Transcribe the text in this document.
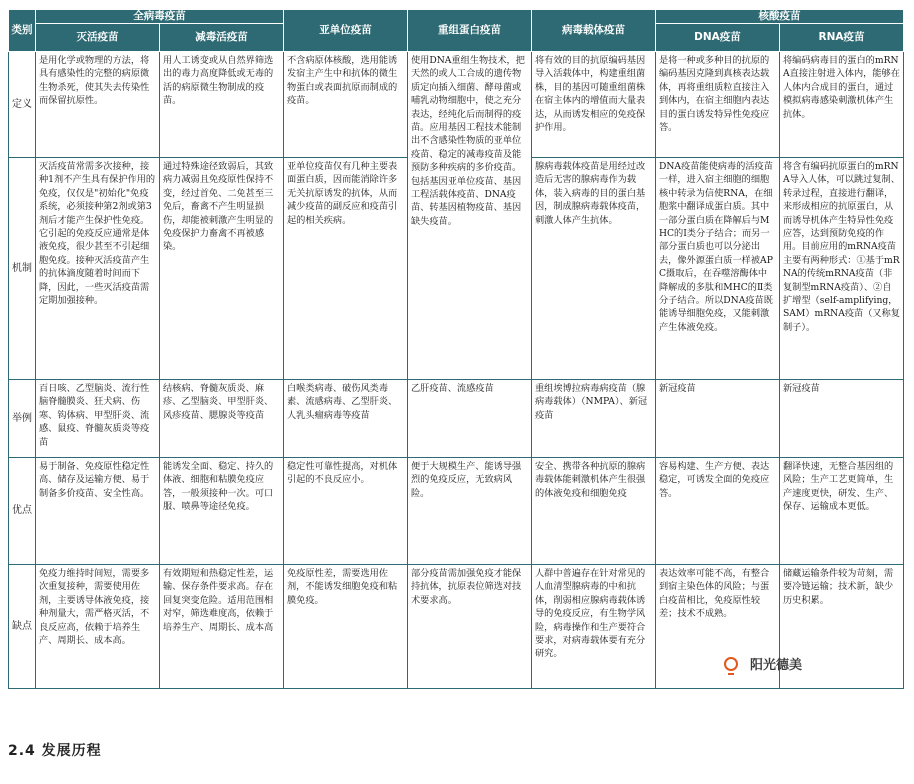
类别	全病毒疫苗		亚单位疫苗	重组蛋白疫苗	病毒载体疫苗	核酸疫苗	
	灭活疫苗	减毒活疫苗				DNA疫苗	RNA疫苗
定义	是用化学或物理的方法，将具有感染性的完整的病原微生物杀死，使其失去传染性而保留抗原性。	用人工诱变或从自然界筛选出的毒力高度降低或无毒的活的病原微生物制成的疫苗。	不含病原体核酸，选用能诱发宿主产生中和抗体的微生物蛋白或表面抗原而制成的疫苗。	使用DNA重组生物技术，把天然的或人工合成的遗传物质定向插入细菌、酵母菌或哺乳动物细胞中，使之充分表达，经纯化后而制得的疫苗。应用基因工程技术能制出不含感染性物质的亚单位疫苗、稳定的减毒疫苗及能预防多种疾病的多价疫苗。包括基因亚单位疫苗、基因工程活载体疫苗、DNA疫苗、转基因植物疫苗、基因缺失疫苗。	将有效的目的抗原编码基因导入活载体中，构建重组菌株，目的基因可随重组菌株在宿主体内的增值而大量表达，从而诱发相应的免疫保护作用。	是将一种或多种目的抗原的编码基因克隆到真核表达载体，再将重组质粒直接注入到体内，在宿主细胞内表达目的蛋白诱发特异性免疫应答。	将编码病毒目的蛋白的mRNA直接注射进入体内，能够在人体内合成目的蛋白，通过模拟病毒感染刺激机体产生抗体。
机制	灭活疫苗常需多次接种，接种1剂不产生具有保护作用的免疫，仅仅是"初始化"免疫系统，必须接种第2剂或第3剂后才能产生保护性免疫。它引起的免疫反应通常是体液免疫，很少甚至不引起细胞免疫。接种灭活疫苗产生的抗体滴度随着时间而下降，因此，一些灭活疫苗需定期加强接种。	通过特殊途径致弱后，其致病力减弱且免疫原性保持不变，经过首免、二免甚至三免后，畜禽不产生明显损伤，却能被刺激产生明显的免疫保护力畜禽不再被感染。	亚单位疫苗仅有几种主要表面蛋白质，因而能消除许多无关抗原诱发的抗体，从而减少疫苗的副反应和疫苗引起的相关疾病。		腺病毒载体疫苗是用经过改造后无害的腺病毒作为载体，装入病毒的目的蛋白基因，制成腺病毒载体疫苗，刺激人体产生抗体。	DNA疫苗能使病毒的活疫苗一样，进入宿主细胞的细胞核中转录为信使RNA，在细胞浆中翻译成蛋白质。其中一部分蛋白质在降解后与MHC的Ⅰ类分子结合；而另一部分蛋白质也可以分泌出去，像外源蛋白质一样被APC摄取后，在吞噬溶酶体中降解成的多肽和MHC的Ⅱ类分子结合。所以DNA疫苗既能诱导细胞免疫，又能刺激产生体液免疫。	将含有编码抗原蛋白的mRNA导入人体，可以跳过复制、转录过程，直接进行翻译，来形成相应的抗原蛋白，从而诱导机体产生特异性免疫应答，达到预防免疫的作用。目前应用的mRNA疫苗主要有两种形式：①基于mRNA的传统mRNA疫苗（非复制型mRNA疫苗）、②自扩增型（self-amplifying， SAM）mRNA疫苗（又称复制子）。
举例	百日咳、乙型脑炎、流行性脑脊髓膜炎、狂犬病、伤寒、钩体病、甲型肝炎、流感、鼠疫、脊髓灰质炎等疫苗	结核病、脊髓灰质炎、麻疹、乙型脑炎、甲型肝炎、风疹疫苗、腮腺炎等疫苗	白喉类病毒、破伤风类毒素、流感病毒、乙型肝炎、人乳头瘤病毒等疫苗	乙肝疫苗、流感疫苗	重组埃博拉病毒病疫苗（腺病毒载体）（NMPA）、新冠疫苗	新冠疫苗	新冠疫苗
优点	易于制备、免疫原性稳定性高、储存及运输方便、易于制备多价疫苗、安全性高。	能诱发全面、稳定、持久的体液、细胞和粘膜免疫应答，一般须接种一次。可口服、喷鼻等途径免疫。	稳定性可靠性提高，对机体引起的不良反应小。	便于大规模生产、能诱导强烈的免疫反应，无致病风险。	安全、携带各种抗原的腺病毒载体能刺激机体产生很强的体液免疫和细胞免疫	容易构建、生产方便、表达稳定，可诱发全面的免疫应答。	翻译快速，无整合基因组的风险；生产工艺更简单，生产速度更快，研发、生产、保存、运输成本更低。
缺点	免疫力维持时间短，需要多次重复接种，需要使用佐剂，主要诱导体液免疫，接种剂量大，需严格灭活，不良反应高，依赖于培养生产、周期长、成本高。	有效期短和热稳定性差，运输、保存条件要求高。存在回复突变危险。适用范围相对窄，筛选难度高，依赖于培养生产、周期长、成本高	免疫原性差，需要选用佐剂，不能诱发细胞免疫和粘膜免疫。	部分疫苗需加强免疫才能保持抗体，抗原表位筛选对技术要求高。	人群中普遍存在针对常见的人血清型腺病毒的中和抗体，削弱相应腺病毒载体诱导的免疫反应，有生物学风险，病毒操作和生产要符合要求，对病毒载体要有充分研究。	表达效率可能不高，有整合到宿主染色体的风险；与蛋白疫苗相比，免疫原性较差；技术不成熟。	储藏运输条件较为苛刻，需要冷链运输；技术新，缺少历史积累。
阳光德美
2.4 发展历程
